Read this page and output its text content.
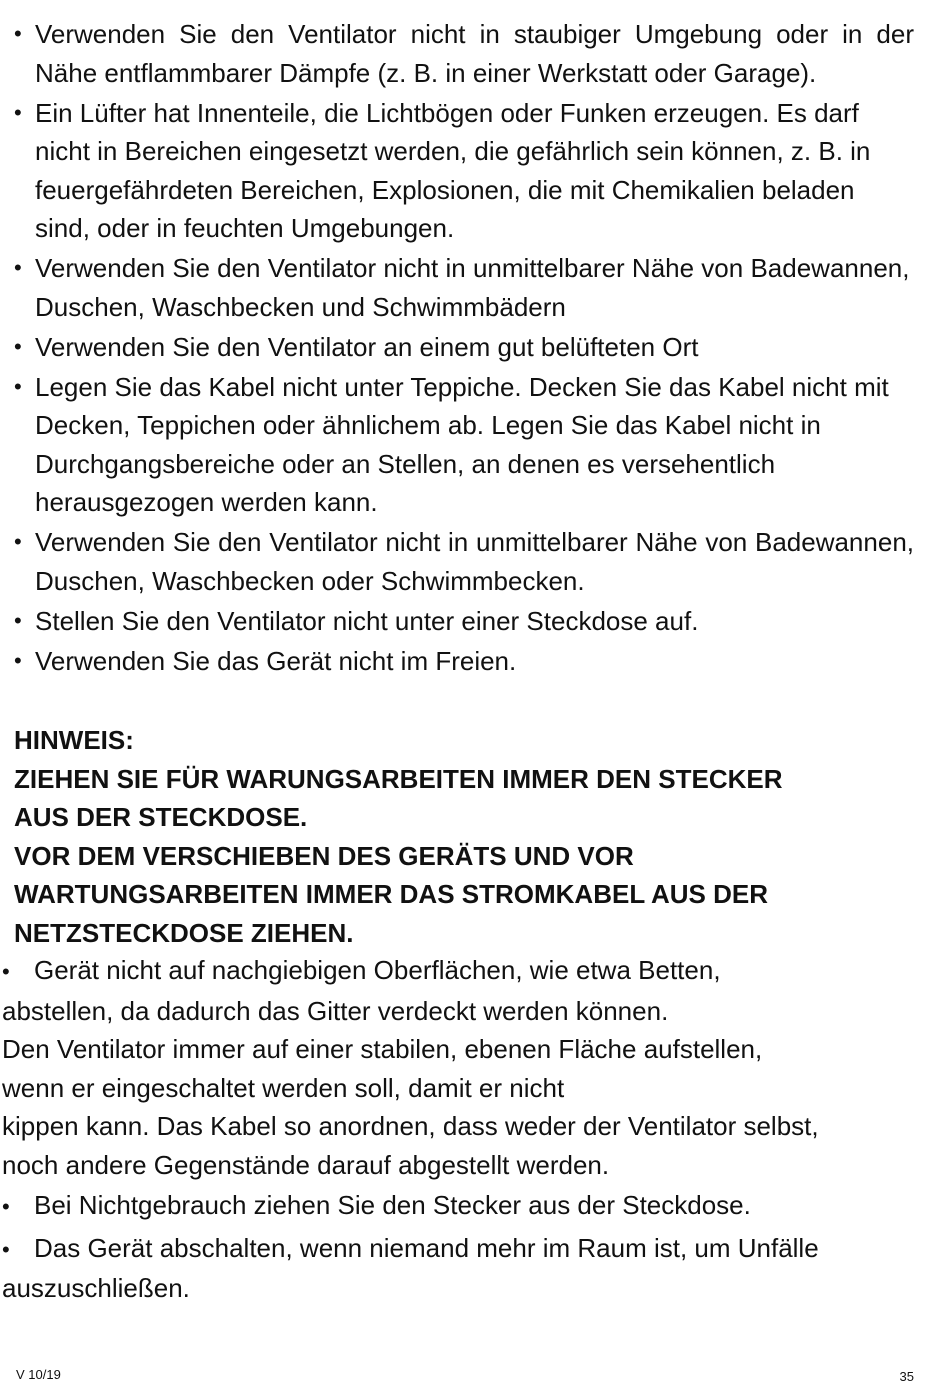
• Verwenden Sie den Ventilator nicht in staubiger Umgebung oder in der Nähe entflammbarer Dämpfe (z. B. in einer Werkstatt oder Garage).
• Ein Lüfter hat Innenteile, die Lichtbögen oder Funken erzeugen. Es darf nicht in Bereichen eingesetzt werden, die gefährlich sein können, z. B. in feuergefährdeten Bereichen, Explosionen, die mit Chemikalien beladen sind, oder in feuchten Umgebungen.
• Verwenden Sie den Ventilator nicht in unmittelbarer Nähe von Badewannen, Duschen, Waschbecken und Schwimmbädern
• Verwenden Sie den Ventilator an einem gut belüfteten Ort
• Legen Sie das Kabel nicht unter Teppiche. Decken Sie das Kabel nicht mit Decken, Teppichen oder ähnlichem ab. Legen Sie das Kabel nicht in Durchgangsbereiche oder an Stellen, an denen es versehentlich herausgezogen werden kann.
• Verwenden Sie den Ventilator nicht in unmittelbarer Nähe von Badewannen, Duschen, Waschbecken oder Schwimmbecken.
• Stellen Sie den Ventilator nicht unter einer Steckdose auf.
• Verwenden Sie das Gerät nicht im Freien.
HINWEIS:
ZIEHEN SIE FÜR WARUNGSARBEITEN IMMER DEN STECKER
AUS DER STECKDOSE.
VOR DEM VERSCHIEBEN DES GERÄTS UND VOR
WARTUNGSARBEITEN IMMER DAS STROMKABEL AUS DER
NETZSTECKDOSE ZIEHEN.

• Gerät nicht auf nachgiebigen Oberflächen, wie etwa Betten,

abstellen, da dadurch das Gitter verdeckt werden können.

Den Ventilator immer auf einer stabilen, ebenen Fläche aufstellen,

wenn er eingeschaltet werden soll, damit er nicht

kippen kann. Das Kabel so anordnen, dass weder der Ventilator selbst,

noch andere Gegenstände darauf abgestellt werden.

• Bei Nichtgebrauch ziehen Sie den Stecker aus der Steckdose.

• Das Gerät abschalten, wenn niemand mehr im Raum ist, um Unfälle

auszuschließen.

V 10/19	35
